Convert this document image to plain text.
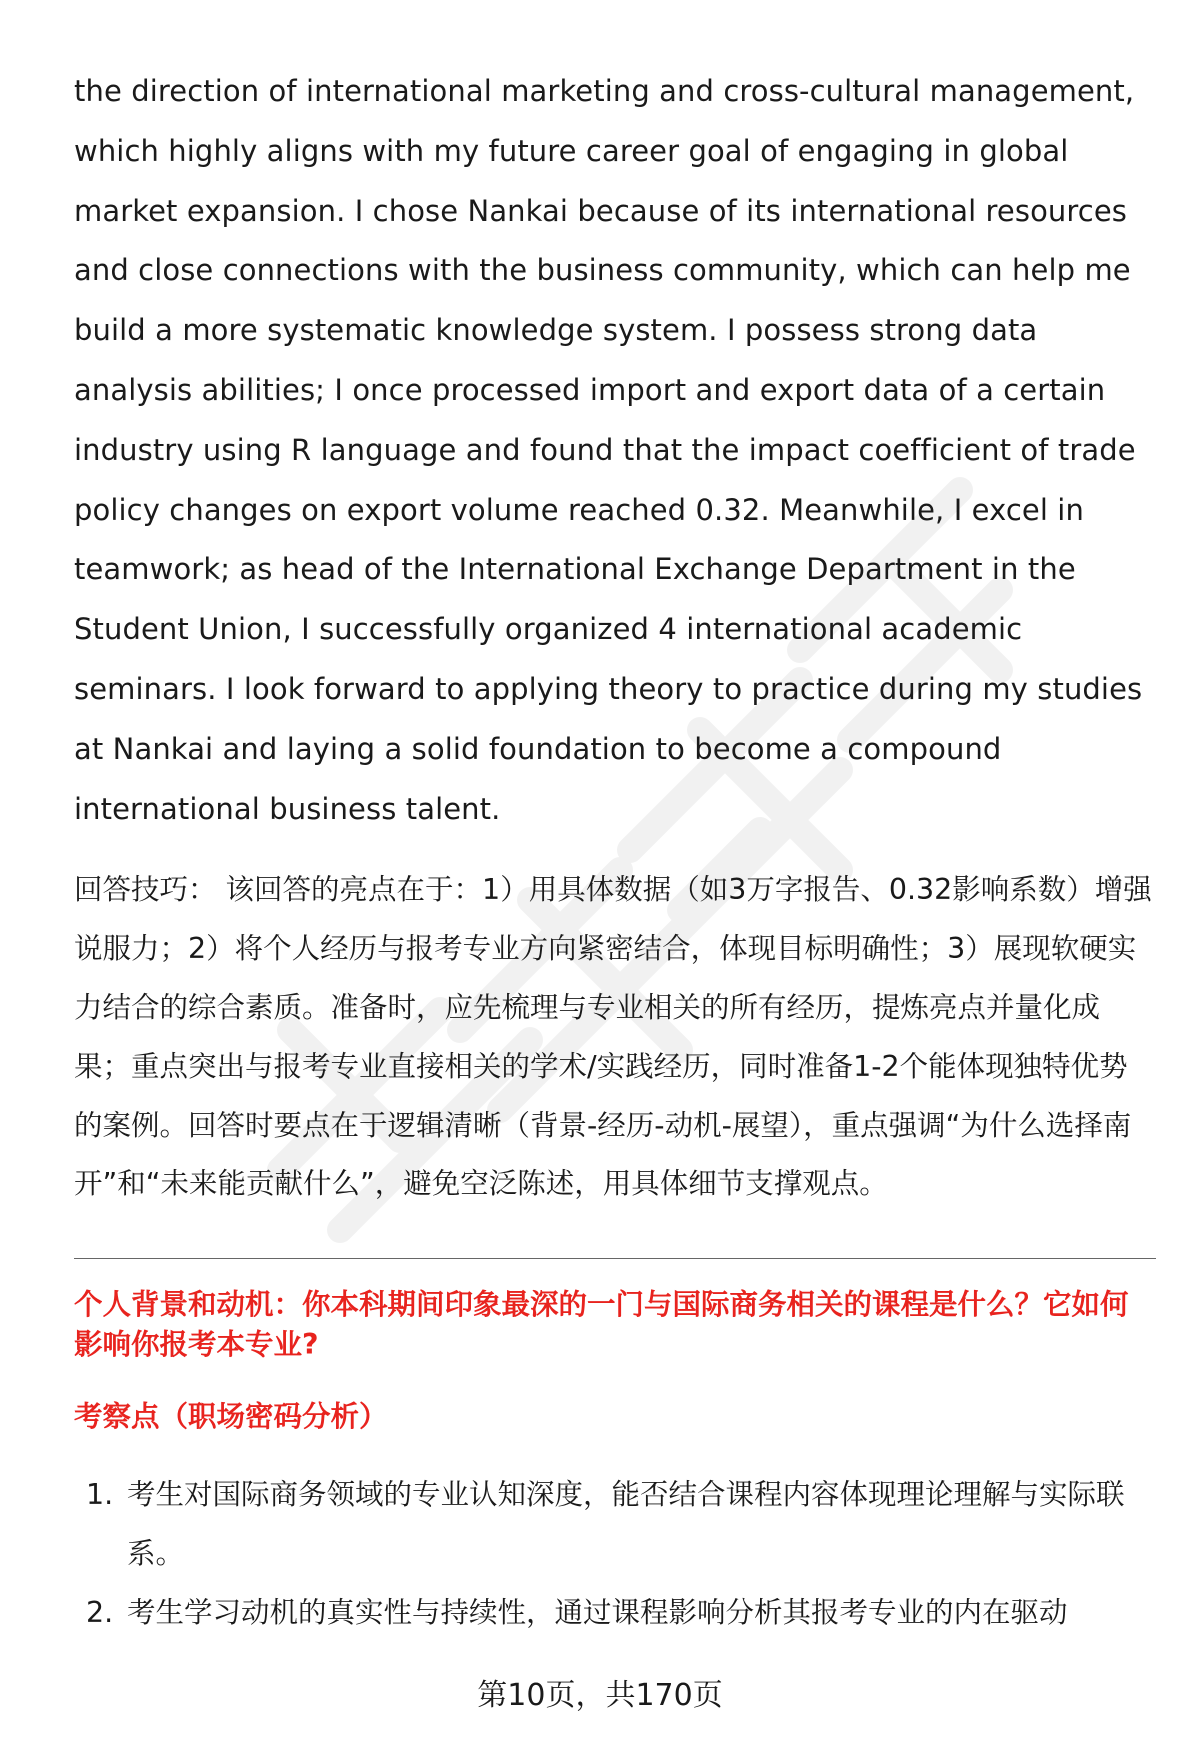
the direction of international marketing and cross-cultural management, which highly aligns with my future career goal of engaging in global market expansion. I chose Nankai because of its international resources and close connections with the business community, which can help me build a more systematic knowledge system. I possess strong data analysis abilities; I once processed import and export data of a certain industry using R language and found that the impact coefficient of trade policy changes on export volume reached 0.32. Meanwhile, I excel in teamwork; as head of the International Exchange Department in the Student Union, I successfully organized 4 international academic seminars. I look forward to applying theory to practice during my studies at Nankai and laying a solid foundation to become a compound international business talent.

回答技巧： 该回答的亮点在于：1）用具体数据（如3万字报告、0.32影响系数）增强说服力；2）将个人经历与报考专业方向紧密结合，体现目标明确性；3）展现软硬实力结合的综合素质。准备时，应先梳理与专业相关的所有经历，提炼亮点并量化成果；重点突出与报考专业直接相关的学术/实践经历，同时准备1-2个能体现独特优势的案例。回答时要点在于逻辑清晰（背景-经历-动机-展望），重点强调“为什么选择南开”和“未来能贡献什么”，避免空泛陈述，用具体细节支撑观点。

个人背景和动机：你本科期间印象最深的一门与国际商务相关的课程是什么？它如何影响你报考本专业?
考察点（职场密码分析）
1. 考生对国际商务领域的专业认知深度，能否结合课程内容体现理论理解与实际联系。
2. 考生学习动机的真实性与持续性，通过课程影响分析其报考专业的内在驱动
第10页，共170页
